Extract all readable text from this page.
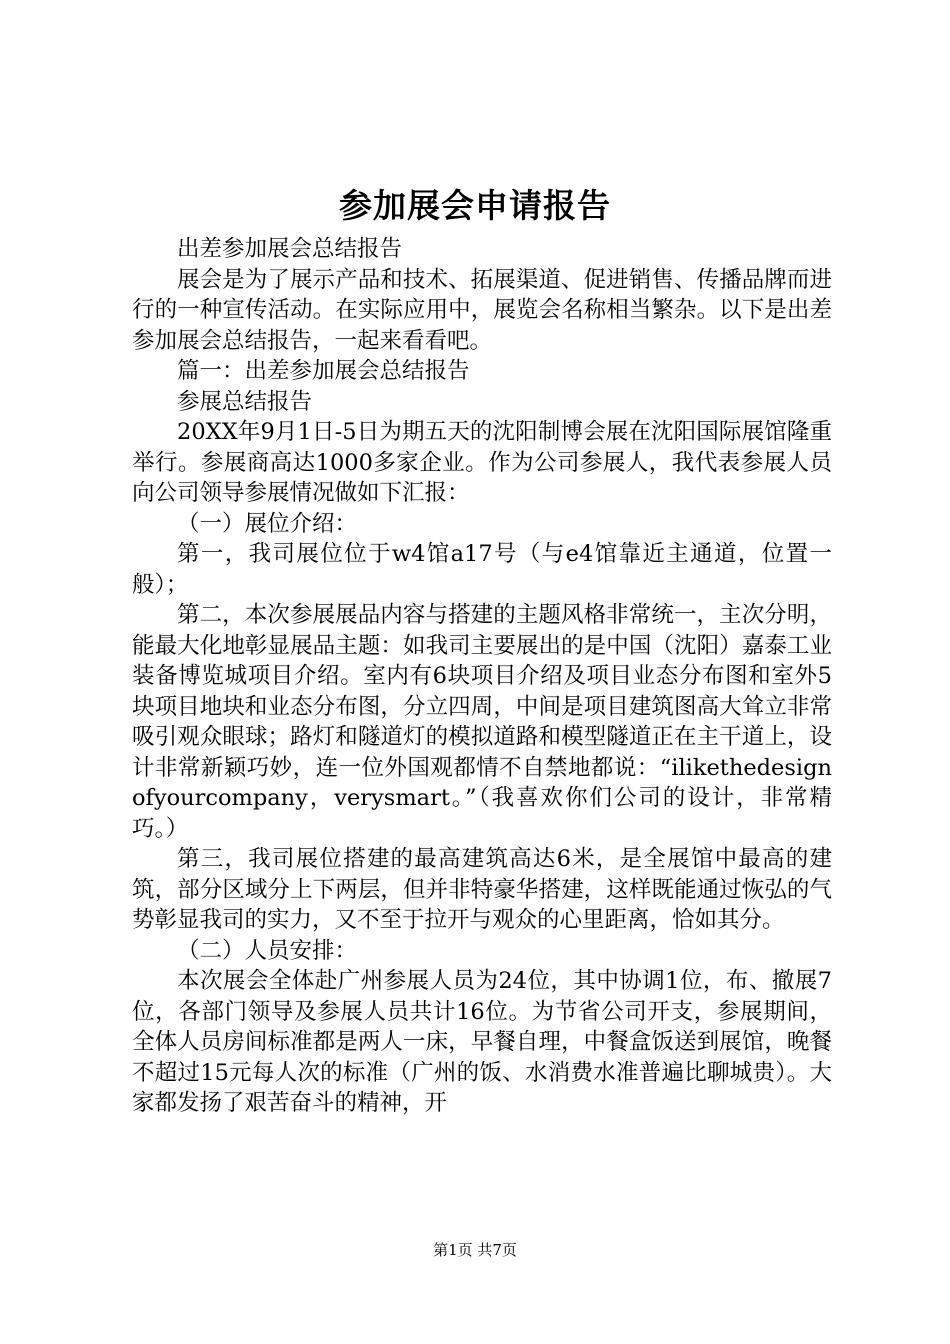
参加展会申请报告

出差参加展会总结报告

展会是为了展示产品和技术、拓展渠道、促进销售、传播品牌而进行的一种宣传活动。在实际应用中，展览会名称相当繁杂。以下是出差参加展会总结报告，一起来看看吧。

篇一：出差参加展会总结报告

参展总结报告

20XX年9月1日-5日为期五天的沈阳制博会展在沈阳国际展馆隆重举行。参展商高达1000多家企业。作为公司参展人，我代表参展人员向公司领导参展情况做如下汇报：

（一）展位介绍：

第一，我司展位位于w4馆a17号（与e4馆靠近主通道，位置一般）；

第二，本次参展展品内容与搭建的主题风格非常统一，主次分明，能最大化地彰显展品主题：如我司主要展出的是中国（沈阳）嘉泰工业装备博览城项目介绍。室内有6块项目介绍及项目业态分布图和室外5块项目地块和业态分布图，分立四周，中间是项目建筑图高大耸立非常吸引观众眼球；路灯和隧道灯的模拟道路和模型隧道正在主干道上，设计非常新颖巧妙，连一位外国观都情不自禁地都说：“ilikethedesignofyourcompany，verysmart。”（我喜欢你们公司的设计，非常精巧。）

第三，我司展位搭建的最高建筑高达6米，是全展馆中最高的建筑，部分区域分上下两层，但并非特豪华搭建，这样既能通过恢弘的气势彰显我司的实力，又不至于拉开与观众的心里距离，恰如其分。

（二）人员安排：

本次展会全体赴广州参展人员为24位，其中协调1位，布、撤展7位，各部门领导及参展人员共计16位。为节省公司开支，参展期间，全体人员房间标准都是两人一床，早餐自理，中餐盒饭送到展馆，晚餐不超过15元每人次的标准（广州的饭、水消费水准普遍比聊城贵）。大家都发扬了艰苦奋斗的精神，开

第1页 共7页
